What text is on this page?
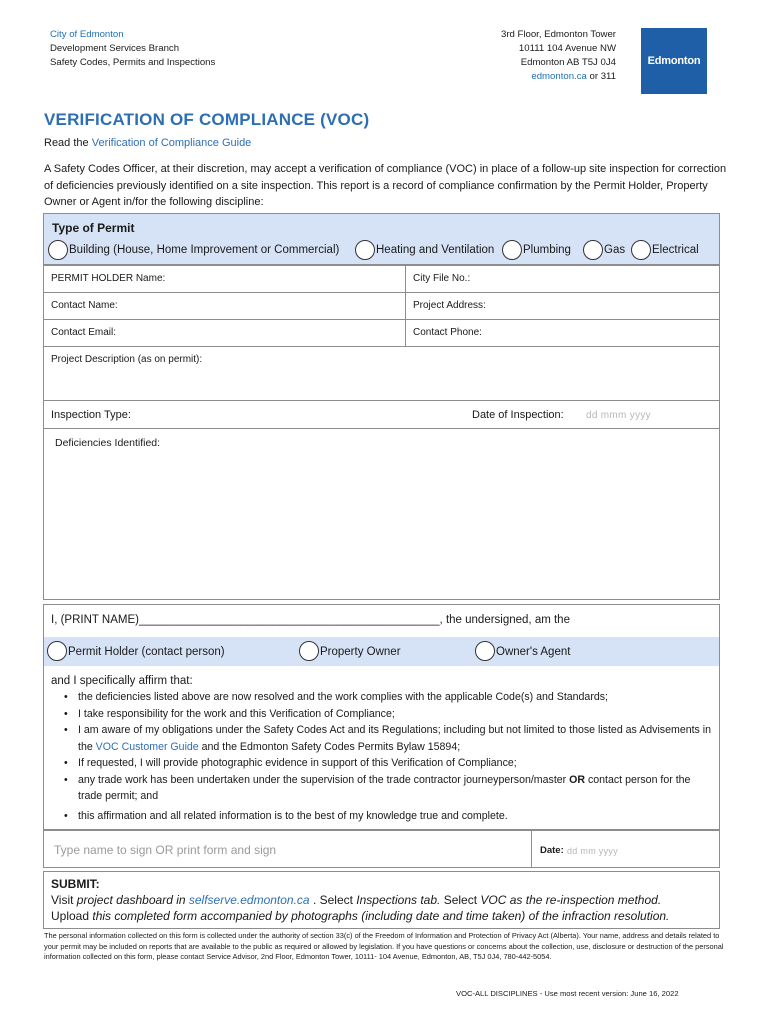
City of Edmonton
Development Services Branch
Safety Codes, Permits and Inspections
3rd Floor, Edmonton Tower
10111 104 Avenue NW
Edmonton AB T5J 0J4
edmonton.ca or 311
Edmonton
VERIFICATION OF COMPLIANCE (VOC)
Read the Verification of Compliance Guide
A Safety Codes Officer, at their discretion, may accept a verification of compliance (VOC) in place of a follow-up site inspection for correction of deficiencies previously identified on a site inspection. This report is a record of compliance confirmation by the Permit Holder, Property Owner or Agent in/for the following discipline:
Type of Permit
Building (House, Home Improvement or Commercial)	Heating and Ventilation Plumbing	Gas Electrical
PERMIT HOLDER Name:	City File No.:
Contact Name:	Project Address:
Contact Email:	Contact Phone:
Project Description (as on permit):
Inspection Type:	Date of Inspection: dd mmm yyyy
Deficiencies Identified:
I, (PRINT NAME)_______________________________________________, the undersigned, am the
Permit Holder (contact person)	Property Owner	Owner's Agent
and I specifically affirm that:
• the deficiencies listed above are now resolved and the work complies with the applicable Code(s) and Standards;
• I take responsibility for the work and this Verification of Compliance;
• I am aware of my obligations under the Safety Codes Act and its Regulations; including but not limited to those listed as Advisements in the VOC Customer Guide and the Edmonton Safety Codes Permits Bylaw 15894;
• If requested, I will provide photographic evidence in support of this Verification of Compliance;
• any trade work has been undertaken under the supervision of the trade contractor journeyperson/master OR contact person for the trade permit; and
• this affirmation and all related information is to the best of my knowledge true and complete.
Type name to sign OR print form and sign	Date: dd mm yyyy
SUBMIT:
Visit project dashboard in selfserve.edmonton.ca . Select Inspections tab. Select VOC as the re-inspection method.
Upload this completed form accompanied by photographs (including date and time taken) of the infraction resolution.
The personal information collected on this form is collected under the authority of section 33(c) of the Freedom of Information and Protection of Privacy Act (Alberta). Your name, address and details related to your permit may be included on reports that are available to the public as required or allowed by legislation. If you have questions or concerns about the collection, use, disclosure or destruction of the personal information collected on this form, please contact Service Advisor, 2nd Floor, Edmonton Tower, 10111- 104 Avenue, Edmonton, AB, T5J 0J4, 780-442-5054.
VOC-ALL DISCIPLINES - Use most recent version: June 16, 2022
